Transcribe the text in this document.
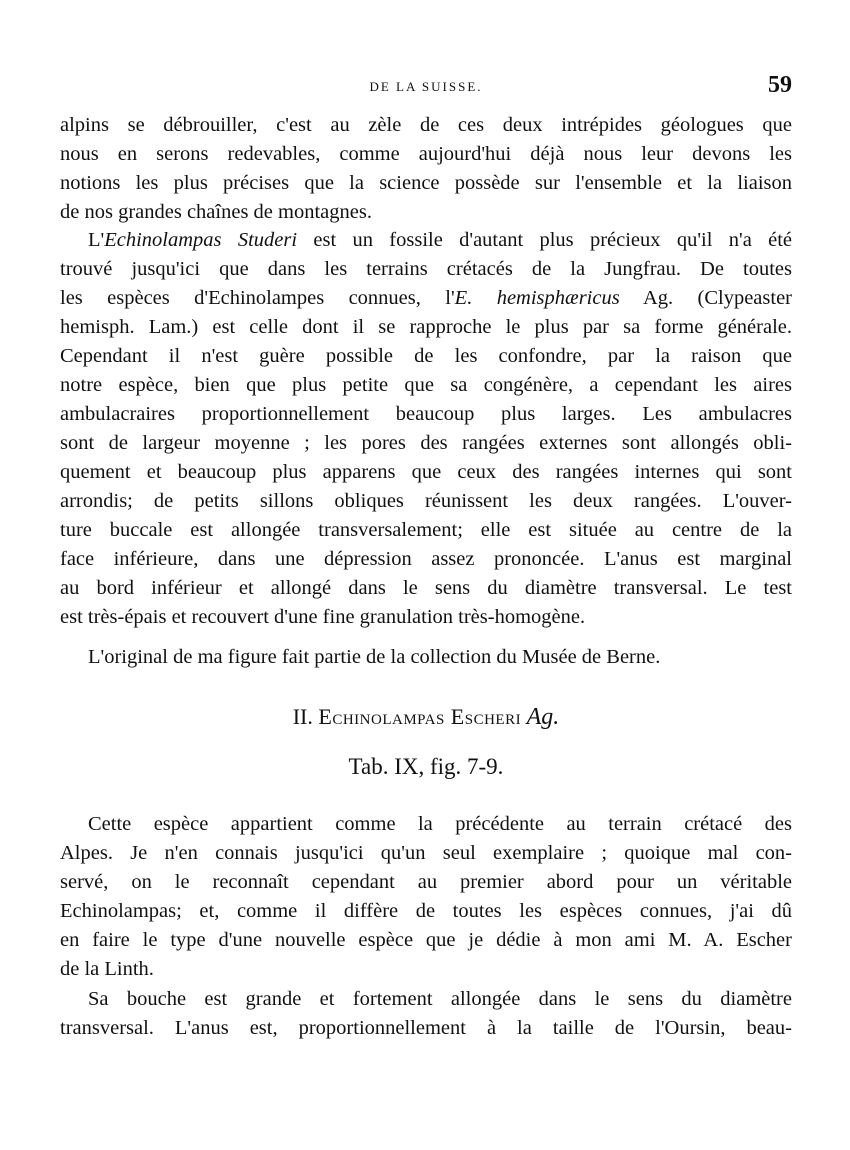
DE LA SUISSE.	59
alpins se débrouiller, c'est au zèle de ces deux intrépides géologues que
nous en serons redevables, comme aujourd'hui déjà nous leur devons les
notions les plus précises que la science possède sur l'ensemble et la liaison
de nos grandes chaînes de montagnes.
L'Echinolampas Studeri est un fossile d'autant plus précieux qu'il n'a été
trouvé jusqu'ici que dans les terrains crétacés de la Jungfrau. De toutes
les espèces d'Echinolampes connues, l'E. hemisphæricus Ag. (Clypeaster
hemisph. Lam.) est celle dont il se rapproche le plus par sa forme générale.
Cependant il n'est guère possible de les confondre, par la raison que
notre espèce, bien que plus petite que sa congénère, a cependant les aires
ambulacraires proportionnellement beaucoup plus larges. Les ambulacres
sont de largeur moyenne ; les pores des rangées externes sont allongés obli-
quement et beaucoup plus apparens que ceux des rangées internes qui sont
arrondis; de petits sillons obliques réunissent les deux rangées. L'ouver-
ture buccale est allongée transversalement; elle est située au centre de la
face inférieure, dans une dépression assez prononcée. L'anus est marginal
au bord inférieur et allongé dans le sens du diamètre transversal. Le test
est très-épais et recouvert d'une fine granulation très-homogène.
L'original de ma figure fait partie de la collection du Musée de Berne.
II. Echinolampas Escheri Ag.
Tab. IX, fig. 7-9.
Cette espèce appartient comme la précédente au terrain crétacé des
Alpes. Je n'en connais jusqu'ici qu'un seul exemplaire ; quoique mal con-
servé, on le reconnaît cependant au premier abord pour un véritable
Echinolampas; et, comme il diffère de toutes les espèces connues, j'ai dû
en faire le type d'une nouvelle espèce que je dédie à mon ami M. A. Escher
de la Linth.
Sa bouche est grande et fortement allongée dans le sens du diamètre
transversal. L'anus est, proportionnellement à la taille de l'Oursin, beau-
